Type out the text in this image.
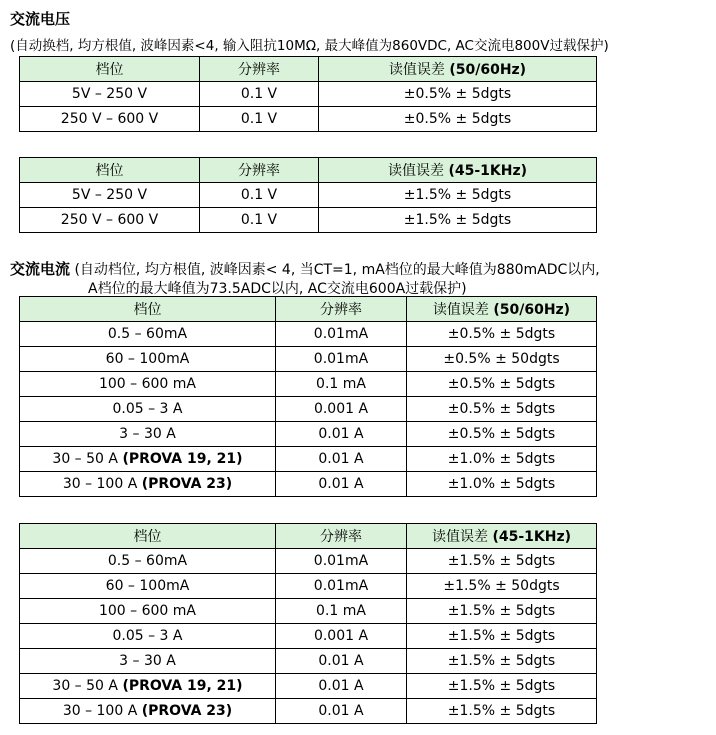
交流电压
(自动换档, 均方根值, 波峰因素<4, 输入阻抗10MΩ, 最大峰值为860VDC, AC交流电800V过载保护)
档位	分辨率	读值误差 (50/60Hz)
5V – 250 V	0.1 V	±0.5% ± 5dgts
250 V – 600 V	0.1 V	±0.5% ± 5dgts
档位	分辨率	读值误差 (45-1KHz)
5V – 250 V	0.1 V	±1.5% ± 5dgts
250 V – 600 V	0.1 V	±1.5% ± 5dgts
交流电流 (自动档位, 均方根值, 波峰因素< 4, 当CT=1, mA档位的最大峰值为880mADC以内,
A档位的最大峰值为73.5ADC以内, AC交流电600A过载保护)
档位	分辨率	读值误差 (50/60Hz)
0.5 – 60mA	0.01mA	±0.5% ± 5dgts
60 – 100mA	0.01mA	±0.5% ± 50dgts
100 – 600 mA	0.1 mA	±0.5% ± 5dgts
0.05 – 3 A	0.001 A	±0.5% ± 5dgts
3 – 30 A	0.01 A	±0.5% ± 5dgts
30 – 50 A (PROVA 19, 21)	0.01 A	±1.0% ± 5dgts
30 – 100 A (PROVA 23)	0.01 A	±1.0% ± 5dgts
档位	分辨率	读值误差 (45-1KHz)
0.5 – 60mA	0.01mA	±1.5% ± 5dgts
60 – 100mA	0.01mA	±1.5% ± 50dgts
100 – 600 mA	0.1 mA	±1.5% ± 5dgts
0.05 – 3 A	0.001 A	±1.5% ± 5dgts
3 – 30 A	0.01 A	±1.5% ± 5dgts
30 – 50 A (PROVA 19, 21)	0.01 A	±1.5% ± 5dgts
30 – 100 A (PROVA 23)	0.01 A	±1.5% ± 5dgts
